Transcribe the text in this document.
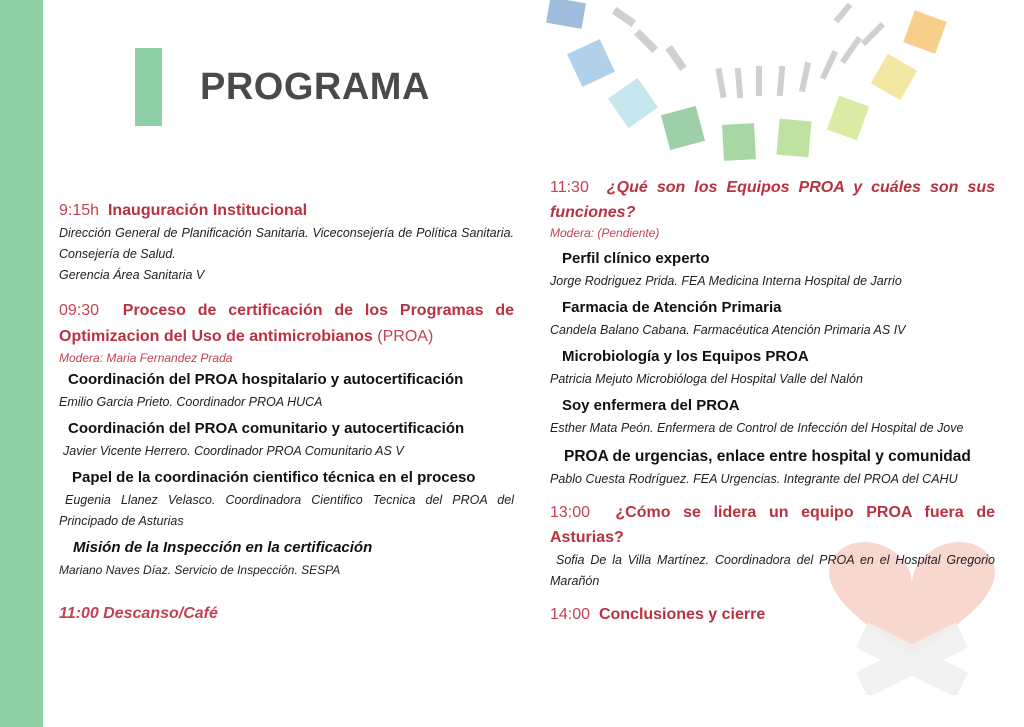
PROGRAMA

9:15h Inauguración Institucional

Dirección General de Planificación Sanitaria. Viceconsejería de Política Sanitaria. Consejería de Salud.

Gerencia Área Sanitaria V

09:30 Proceso de certificación de los Programas de Optimizacion del Uso de antimicrobianos (PROA)

Modera: Maria Fernandez Prada

Coordinación del PROA hospitalario y autocertificación

Emilio Garcia Prieto. Coordinador PROA HUCA

Coordinación del PROA comunitario y autocertificación

Javier Vicente Herrero. Coordinador PROA Comunitario AS V

Papel de la coordinación cientifico técnica en el proceso

Eugenia Llanez Velasco. Coordinadora Cientifico Tecnica del PROA del Principado de Asturias

Misión de la Inspección en la certificación

Mariano Naves Díaz. Servicio de Inspección. SESPA

11:00 Descanso/Café

11:30 ¿Qué son los Equipos PROA y cuáles son sus funciones?

Modera: (Pendiente)

Perfil clínico experto

Jorge Rodriguez Prida. FEA Medicina Interna Hospital de Jarrio

Farmacia de Atención Primaria

Candela Balano Cabana. Farmacéutica Atención Primaria AS IV

Microbiología y los Equipos PROA

Patricia Mejuto Microbióloga del Hospital Valle del Nalón

Soy enfermera del PROA

Esther Mata Peón. Enfermera de Control de Infección del Hospital de Jove

PROA de urgencias, enlace entre hospital y comunidad

Pablo Cuesta Rodríguez. FEA Urgencias. Integrante del PROA del CAHU

13:00 ¿Cómo se lidera un equipo PROA fuera de Asturias?

Sofia De la Villa Martínez. Coordinadora del PROA en el Hospital Gregorio Marañón

14:00 Conclusiones y cierre
